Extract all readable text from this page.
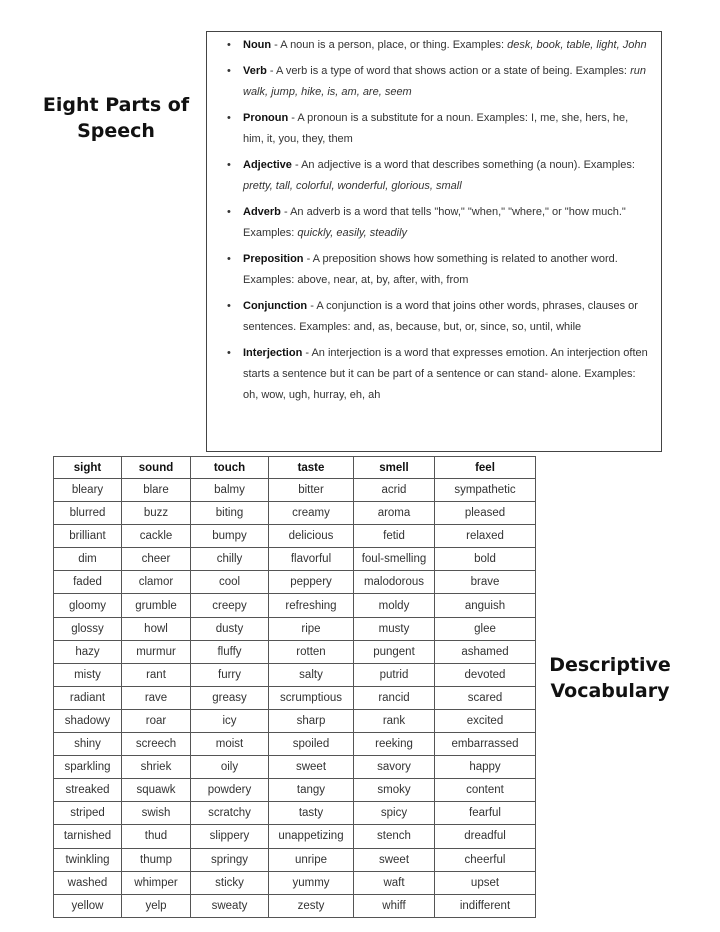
Eight Parts of
Speech
• Noun - A noun is a person, place, or thing. Examples: desk, book, table, light, John
• Verb - A verb is a type of word that shows action or a state of being. Examples: run walk, jump, hike, is, am, are, seem
• Pronoun - A pronoun is a substitute for a noun. Examples: I, me, she, hers, he, him, it, you, they, them
• Adjective - An adjective is a word that describes something (a noun). Examples: pretty, tall, colorful, wonderful, glorious, small
• Adverb - An adverb is a word that tells "how," "when," "where," or "how much." Examples: quickly, easily, steadily
• Preposition - A preposition shows how something is related to another word. Examples: above, near, at, by, after, with, from
• Conjunction - A conjunction is a word that joins other words, phrases, clauses or sentences. Examples: and, as, because, but, or, since, so, until, while
• Interjection - An interjection is a word that expresses emotion. An interjection often starts a sentence but it can be part of a sentence or can stand- alone. Examples: oh, wow, ugh, hurray, eh, ah
sight	sound	touch	taste	smell	feel
bleary	blare	balmy	bitter	acrid	sympathetic
blurred	buzz	biting	creamy	aroma	pleased
brilliant	cackle	bumpy	delicious	fetid	relaxed
dim	cheer	chilly	flavorful	foul-smelling	bold
faded	clamor	cool	peppery	malodorous	brave
gloomy	grumble	creepy	refreshing	moldy	anguish
glossy	howl	dusty	ripe	musty	glee
hazy	murmur	fluffy	rotten	pungent	ashamed
misty	rant	furry	salty	putrid	devoted
radiant	rave	greasy	scrumptious	rancid	scared
shadowy	roar	icy	sharp	rank	excited
shiny	screech	moist	spoiled	reeking	embarrassed
sparkling	shriek	oily	sweet	savory	happy
streaked	squawk	powdery	tangy	smoky	content
striped	swish	scratchy	tasty	spicy	fearful
tarnished	thud	slippery	unappetizing	stench	dreadful
twinkling	thump	springy	unripe	sweet	cheerful
washed	whimper	sticky	yummy	waft	upset
yellow	yelp	sweaty	zesty	whiff	indifferent
Descriptive
Vocabulary
